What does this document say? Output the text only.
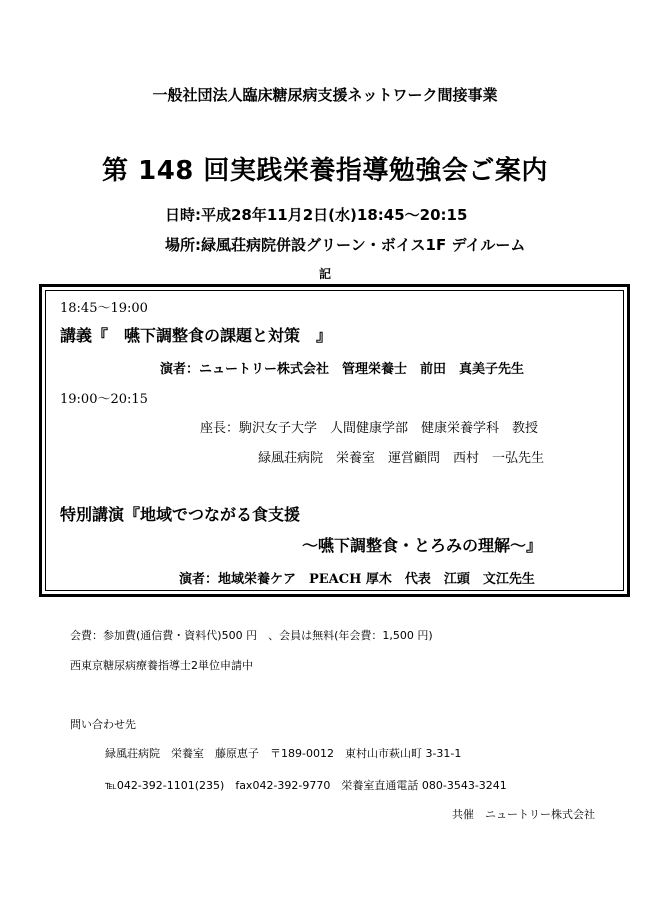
一般社団法人臨床糖尿病支援ネットワーク間接事業
第 148 回実践栄養指導勉強会ご案内
日時:平成28年11月2日(水)18:45〜20:15
場所:緑風荘病院併設グリーン・ボイス1F デイルーム
記
18:45〜19:00
講義『　嚥下調整食の課題と対策　』
演者：ニュートリー株式会社　管理栄養士　前田　真美子先生
19:00〜20:15
座長：駒沢女子大学　人間健康学部　健康栄養学科　教授
緑風荘病院　栄養室　運営顧問　西村　一弘先生
特別講演『地域でつながる食支援
〜嚥下調整食・とろみの理解〜』
演者：地域栄養ケア　PEACH 厚木　代表　江頭　文江先生
会費：参加費(通信費・資料代)500 円　、会員は無料(年会費：1,500 円)
西東京糖尿病療養指導士2単位申請中
問い合わせ先
緑風荘病院　栄養室　藤原恵子　〒189-0012　東村山市萩山町 3-31-1
℡042-392-1101(235)　fax042-392-9770　栄養室直通電話 080-3543-3241
共催　ニュートリー株式会社
